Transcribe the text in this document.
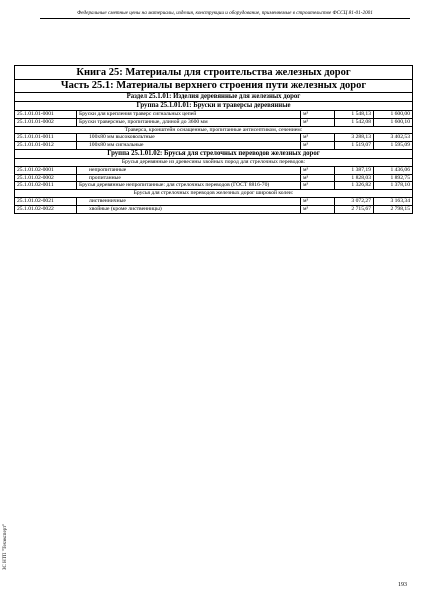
Федеральные сметные цены на материалы, изделия, конструкции и оборудование, применяемые в строительстве ФССЦ 81-01-2001
Книга 25: Материалы для строительства железных дорог				
Часть 25.1: Материалы верхнего строения пути железных дорог				
Раздел 25.1.01: Изделия деревянные для железных дорог				
Группа 25.1.01.01: Бруски и траверсы деревянные				
25.1.01.01-0001	Бруски для крепления траверс сигнальных цепей	м³	1 548,13	1 600,00
25.1.01.01-0002	Бруски траверсные, пропитанные, длиной до 3600 мм	м³	1 542,08	1 600,10
Траверса, кронштейн оснащенные, пропитанные антисептиком, сечением:				
25.1.01.01-0011	100х80 мм высоковольтные	м³	3 288,13	3 402,53
25.1.01.01-0012	100х80 мм сигнальные	м³	1 519,07	1 595,09
Группа 25.1.01.02: Брусья для стрелочных переводов железных дорог				
Брусья деревянные из древесины хвойных пород для стрелочных переводов:				
25.1.01.02-0001	непропитанные	м³	1 387,19	1 436,06
25.1.01.02-0002	пропитанные	м³	1 828,03	1 892,75
25.1.01.02-0011	Брусья деревянные непропитанные: для стрелочных переводов (ГОСТ 8816-70)	м³	1 326,82	1 378,10
Брусья для стрелочных переводов железных дорог широкой колеи:				
25.1.01.02-0021	лиственничные	м³	3 072,27	3 163,34
25.1.01.02-0022	хвойные (кроме лиственницы)	м³	2 715,67	2 798,15
ЗС НТП "Техэксперт"
193
